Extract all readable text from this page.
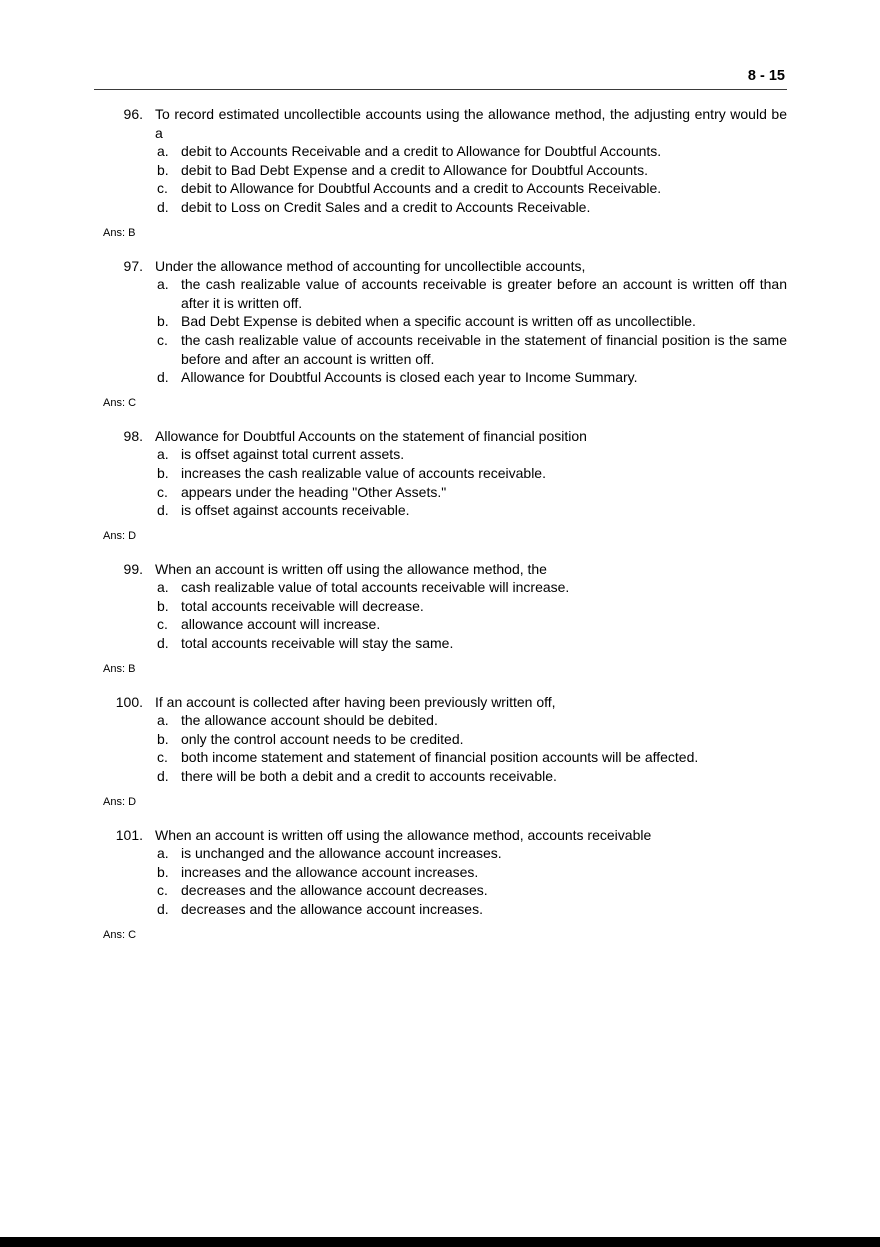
8 - 15
96. To record estimated uncollectible accounts using the allowance method, the adjusting entry would be a
a. debit to Accounts Receivable and a credit to Allowance for Doubtful Accounts.
b. debit to Bad Debt Expense and a credit to Allowance for Doubtful Accounts.
c. debit to Allowance for Doubtful Accounts and a credit to Accounts Receivable.
d. debit to Loss on Credit Sales and a credit to Accounts Receivable.
Ans: B
97. Under the allowance method of accounting for uncollectible accounts,
a. the cash realizable value of accounts receivable is greater before an account is written off than after it is written off.
b. Bad Debt Expense is debited when a specific account is written off as uncollectible.
c. the cash realizable value of accounts receivable in the statement of financial position is the same before and after an account is written off.
d. Allowance for Doubtful Accounts is closed each year to Income Summary.
Ans: C
98. Allowance for Doubtful Accounts on the statement of financial position
a. is offset against total current assets.
b. increases the cash realizable value of accounts receivable.
c. appears under the heading "Other Assets."
d. is offset against accounts receivable.
Ans: D
99. When an account is written off using the allowance method, the
a. cash realizable value of total accounts receivable will increase.
b. total accounts receivable will decrease.
c. allowance account will increase.
d. total accounts receivable will stay the same.
Ans: B
100. If an account is collected after having been previously written off,
a. the allowance account should be debited.
b. only the control account needs to be credited.
c. both income statement and statement of financial position accounts will be affected.
d. there will be both a debit and a credit to accounts receivable.
Ans: D
101. When an account is written off using the allowance method, accounts receivable
a. is unchanged and the allowance account increases.
b. increases and the allowance account increases.
c. decreases and the allowance account decreases.
d. decreases and the allowance account increases.
Ans: C
